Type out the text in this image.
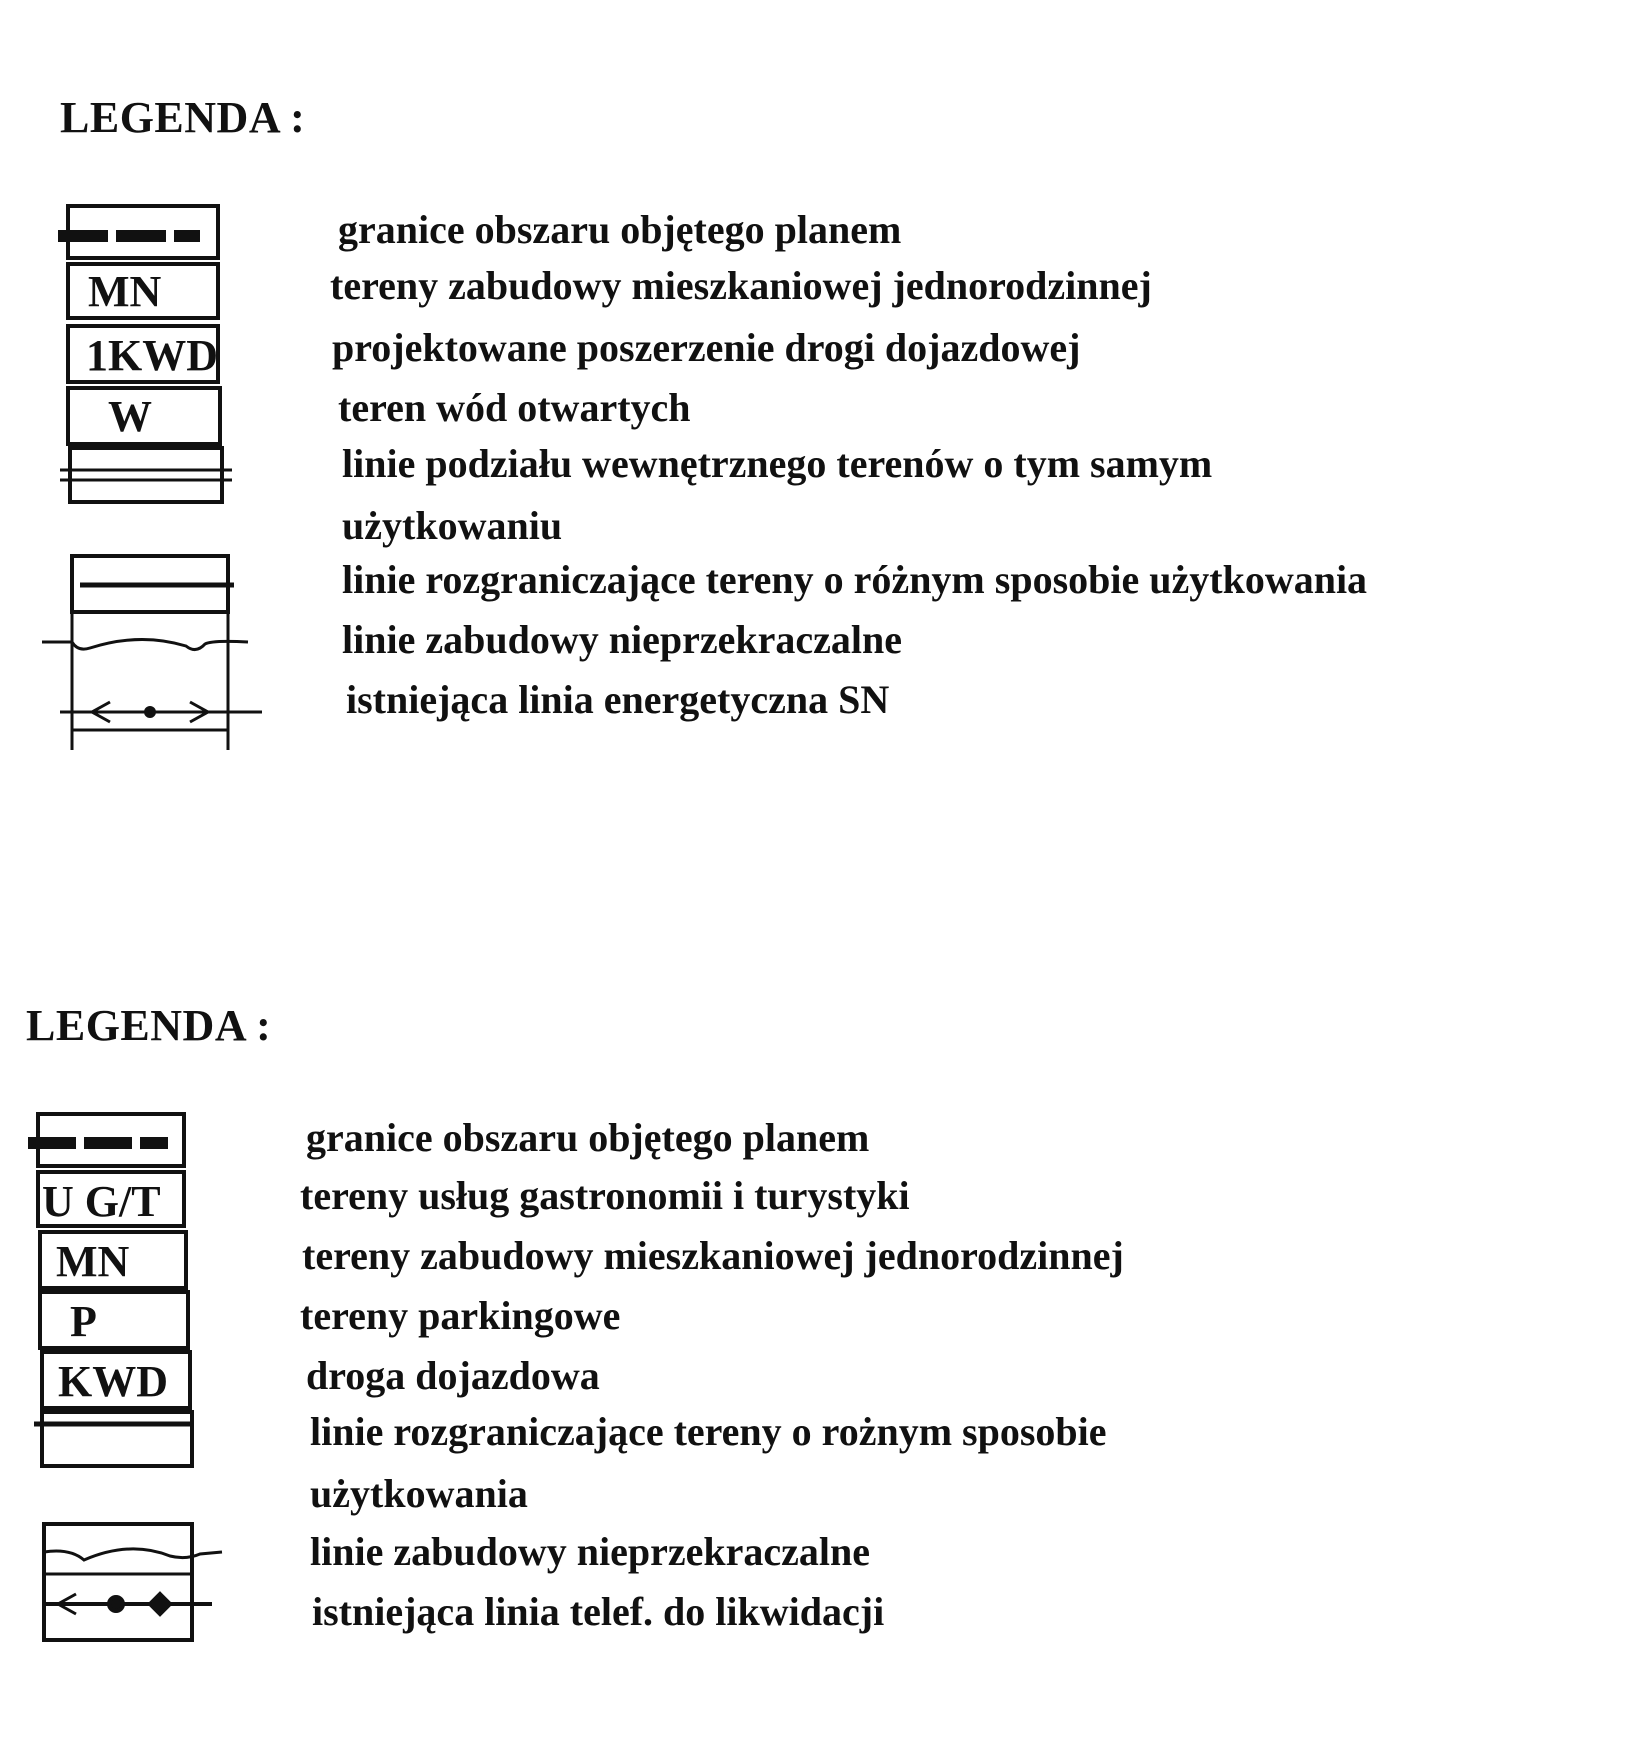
LEGENDA :
MN
1KWD
W
granice obszaru objętego planem
tereny zabudowy mieszkaniowej jednorodzinnej
projektowane poszerzenie drogi dojazdowej
teren wód otwartych
linie podziału wewnętrznego terenów o tym samym
użytkowaniu
linie rozgraniczające tereny o różnym sposobie użytkowania
linie zabudowy nieprzekraczalne
istniejąca linia energetyczna SN
LEGENDA :
U G/T
MN
P
KWD
granice obszaru objętego planem
tereny usług gastronomii i turystyki
tereny zabudowy mieszkaniowej jednorodzinnej
tereny parkingowe
droga dojazdowa
linie rozgraniczające tereny o rożnym sposobie
użytkowania
linie zabudowy nieprzekraczalne
istniejąca linia telef. do likwidacji
